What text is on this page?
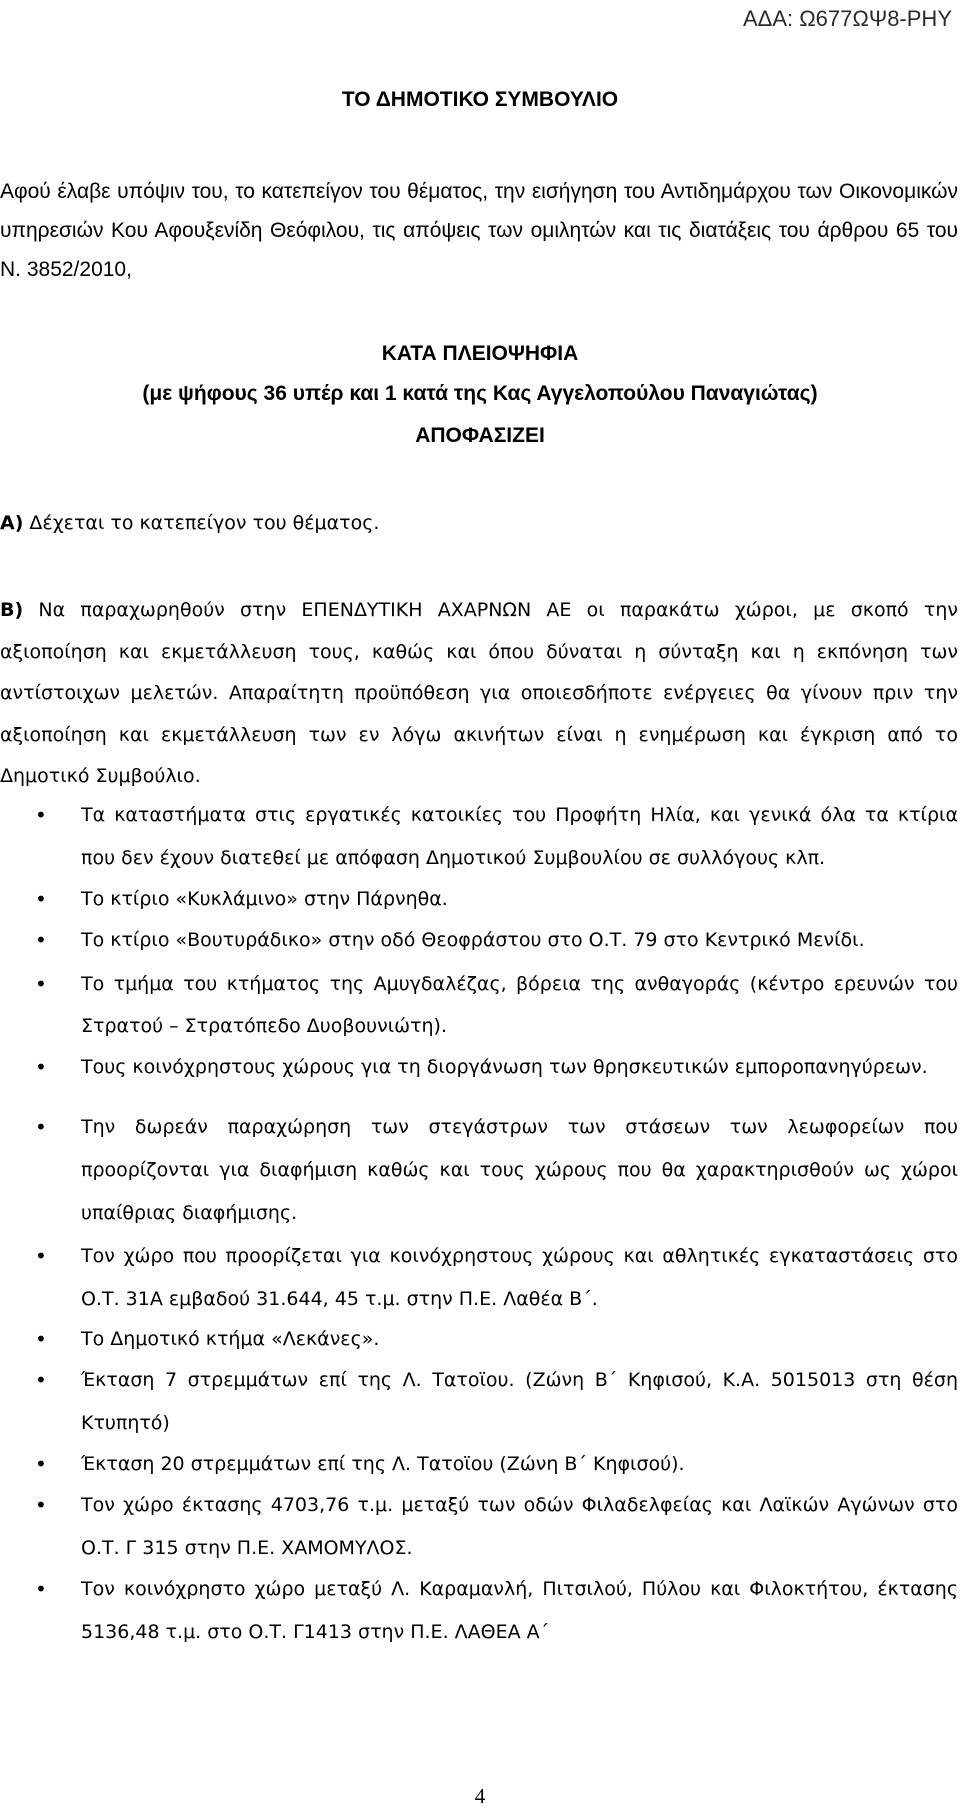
ΑΔΑ: Ω677ΩΨ8-ΡΗΥ
ΤΟ ΔΗΜΟΤΙΚΟ ΣΥΜΒΟΥΛΙΟ

Αφού έλαβε υπόψιν του, το κατεπείγον του θέματος, την εισήγηση του Αντιδημάρχου των Οικονομικών υπηρεσιών Κου Αφουξενίδη Θεόφιλου, τις απόψεις των ομιλητών και τις διατάξεις του άρθρου 65 του Ν. 3852/2010,

ΚΑΤΑ ΠΛΕΙΟΨΗΦΙΑ
(με ψήφους 36 υπέρ και 1 κατά της Κας Αγγελοπούλου Παναγιώτας)
ΑΠΟΦΑΣΙΖΕΙ

Α) Δέχεται το κατεπείγον του θέματος.

Β) Να παραχωρηθούν στην ΕΠΕΝΔΥΤΙΚΗ ΑΧΑΡΝΩΝ ΑΕ οι παρακάτω χώροι, με σκοπό την αξιοποίηση και εκμετάλλευση τους, καθώς και όπου δύναται η σύνταξη και η εκπόνηση των αντίστοιχων μελετών. Απαραίτητη προϋπόθεση για οποιεσδήποτε ενέργειες θα γίνουν πριν την αξιοποίηση και εκμετάλλευση των εν λόγω ακινήτων είναι η ενημέρωση και έγκριση από το Δημοτικό Συμβούλιο.

• Τα καταστήματα στις εργατικές κατοικίες του Προφήτη Ηλία, και γενικά όλα τα κτίρια που δεν έχουν διατεθεί με απόφαση Δημοτικού Συμβουλίου σε συλλόγους κλπ.
• Το κτίριο «Κυκλάμινο» στην Πάρνηθα.
• Το κτίριο «Βουτυράδικο» στην οδό Θεοφράστου στο Ο.Τ. 79 στο Κεντρικό Μενίδι.
• Το τμήμα του κτήματος της Αμυγδαλέζας, βόρεια της ανθαγοράς (κέντρο ερευνών του Στρατού – Στρατόπεδο Δυοβουνιώτη).
• Τους κοινόχρηστους χώρους για τη διοργάνωση των θρησκευτικών εμποροπανηγύρεων.
• Την δωρεάν παραχώρηση των στεγάστρων των στάσεων των λεωφορείων που προορίζονται για διαφήμιση καθώς και τους χώρους που θα χαρακτηρισθούν ως χώροι υπαίθριας διαφήμισης.
• Τον χώρο που προορίζεται για κοινόχρηστους χώρους και αθλητικές εγκαταστάσεις στο Ο.Τ. 31Α εμβαδού 31.644, 45 τ.μ. στην Π.Ε. Λαθέα Β΄.
• Το Δημοτικό κτήμα «Λεκάνες».
• Έκταση 7 στρεμμάτων επί της Λ. Τατοϊου. (Ζώνη Β΄ Κηφισού, Κ.Α. 5015013 στη θέση Κτυπητό)
• Έκταση 20 στρεμμάτων επί της Λ. Τατοϊου (Ζώνη Β΄ Κηφισού).
• Τον χώρο έκτασης 4703,76 τ.μ. μεταξύ των οδών Φιλαδελφείας και Λαϊκών Αγώνων στο Ο.Τ. Γ 315 στην Π.Ε. ΧΑΜΟΜΥΛΟΣ.
• Τον κοινόχρηστο χώρο μεταξύ Λ. Καραμανλή, Πιτσιλού, Πύλου και Φιλοκτήτου, έκτασης 5136,48 τ.μ. στο Ο.Τ. Γ1413 στην Π.Ε. ΛΑΘΕΑ Α΄
4
